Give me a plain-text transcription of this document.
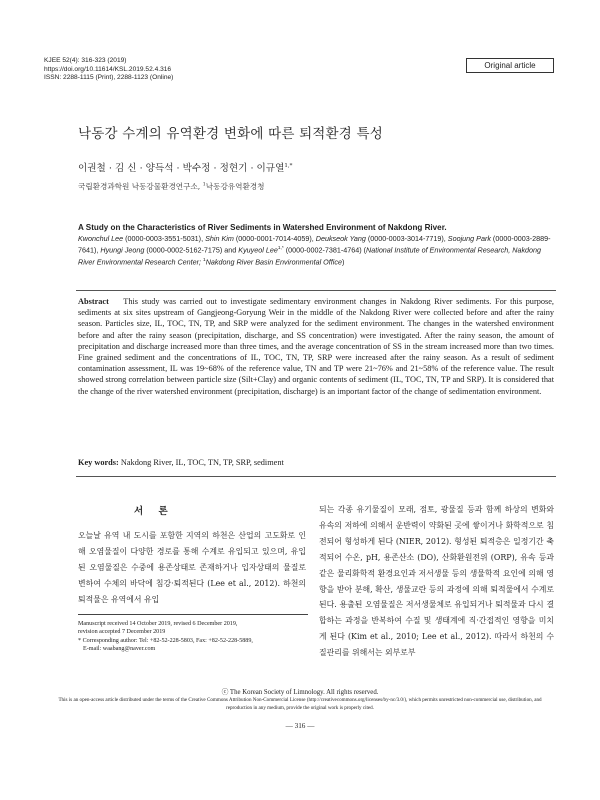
KJEE 52(4): 316-323 (2019)
https://doi.org/10.11614/KSL.2019.52.4.316
ISSN: 2288-1115 (Print), 2288-1123 (Online)
Original article
낙동강 수계의 유역환경 변화에 따른 퇴적환경 특성
이권철 · 김 신 · 양득석 · 박수정 · 정현기 · 이규열$^{1,*}$
국립환경과학원 낙동강물환경연구소, $^1$낙동강유역환경청
A Study on the Characteristics of River Sediments in Watershed Environment of Nakdong River.
Kwonchul Lee (0000-0003-3551-5031), Shin Kim (0000-0001-7014-4059), Deukseok Yang (0000-0003-3014-7719), Soojung Park (0000-0003-2889-7641), Hyungi Jeong (0000-0002-5162-7175) and Kyuyeol Lee$^{1,*}$ (0000-0002-7381-4764) (National Institute of Environmental Research, Nakdong River Environmental Research Center; $^1$Nakdong River Basin Environmental Office)
Abstract This study was carried out to investigate sedimentary environment changes in Nakdong River sediments. For this purpose, sediments at six sites upstream of Gangjeong-Goryung Weir in the middle of the Nakdong River were collected before and after the rainy season. Particles size, IL, TOC, TN, TP, and SRP were analyzed for the sediment environment. The changes in the watershed environment before and after the rainy season (precipitation, discharge, and SS concentration) were investigated. After the rainy season, the amount of precipitation and discharge increased more than three times, and the average concentration of SS in the stream increased more than two times. Fine grained sediment and the concentrations of IL, TOC, TN, TP, SRP were increased after the rainy season. As a result of sediment contamination assessment, IL was 19~68% of the reference value, TN and TP were 21~76% and 21~58% of the reference value. The result showed strong correlation between particle size (Silt+Clay) and organic contents of sediment (IL, TOC, TN, TP and SRP). It is considered that the change of the river watershed environment (precipitation, discharge) is an important factor of the change of sedimentation environment.
Key words: Nakdong River, IL, TOC, TN, TP, SRP, sediment
서 론
오늘날 유역 내 도시를 포함한 지역의 하천은 산업의 고도화로 인해 오염물질이 다양한 경로를 통해 수계로 유입되고 있으며, 유입된 오염물질은 수중에 용존상태로 존재하거나 입자상태의 물질로 변하여 수체의 바닥에 침강·퇴적된다 (Lee et al., 2012). 하천의 퇴적물은 유역에서 유입
되는 각종 유기물질이 모래, 점토, 광물질 등과 함께 하상의 변화와 유속의 저하에 의해서 운반력이 약화된 곳에 쌓이거나 화학적으로 침전되어 형성하게 된다 (NIER, 2012). 형성된 퇴적층은 일정기간 축적되어 수온, pH, 용존산소 (DO), 산화환원전위 (ORP), 유속 등과 같은 물리화학적 환경요인과 저서생물 등의 생물학적 요인에 의해 영향을 받아 분해, 확산, 생물교란 등의 과정에 의해 퇴적물에서 수계로 된다. 용출된 오염물질은 저서생물체로 유입되거나 퇴적물과 다시 결합하는 과정을 반복하여 수질 및 생태계에 직·간접적인 영향을 미치게 된다 (Kim et al., 2010; Lee et al., 2012). 따라서 하천의 수질관리를 위해서는 외부로부
Manuscript received 14 October 2019, revised 6 December 2019,
revision accepted 7 December 2019
* Corresponding author: Tel: +82-52-228-5803, Fax: +82-52-228-5889,
E-mail: waabang@naver.com
ⓒ The Korean Society of Limnology. All rights reserved.
This is an open-access article distributed under the terms of the Creative Commons Attribution Non-Commercial License (http://creativecommons.org/licenses/by-nc/3.0/), which permits unrestricted non-commercial use, distribution, and reproduction in any medium, provide the original work is properly cited.
— 316 —
